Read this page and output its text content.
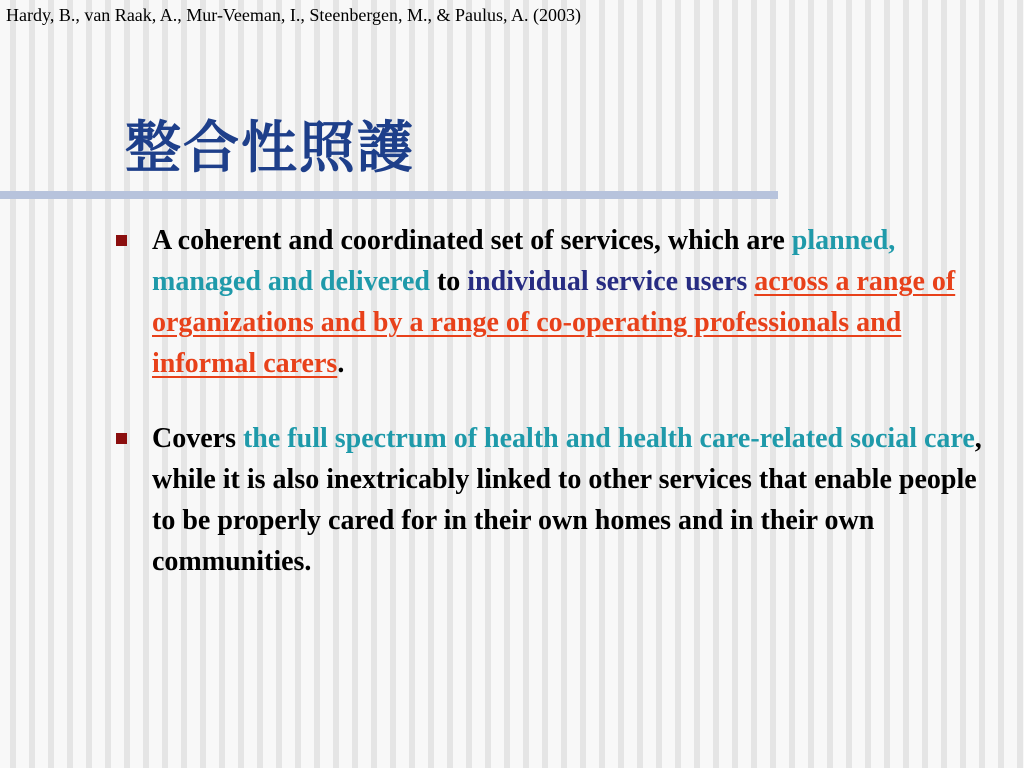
Hardy, B., van Raak, A., Mur-Veeman, I., Steenbergen, M., & Paulus, A. (2003)
整合性照護
A coherent and coordinated set of services, which are planned, managed and delivered to individual service users across a range of organizations and by a range of co-operating professionals and informal carers.
Covers the full spectrum of health and health care-related social care, while it is also inextricably linked to other services that enable people to be properly cared for in their own homes and in their own communities.
